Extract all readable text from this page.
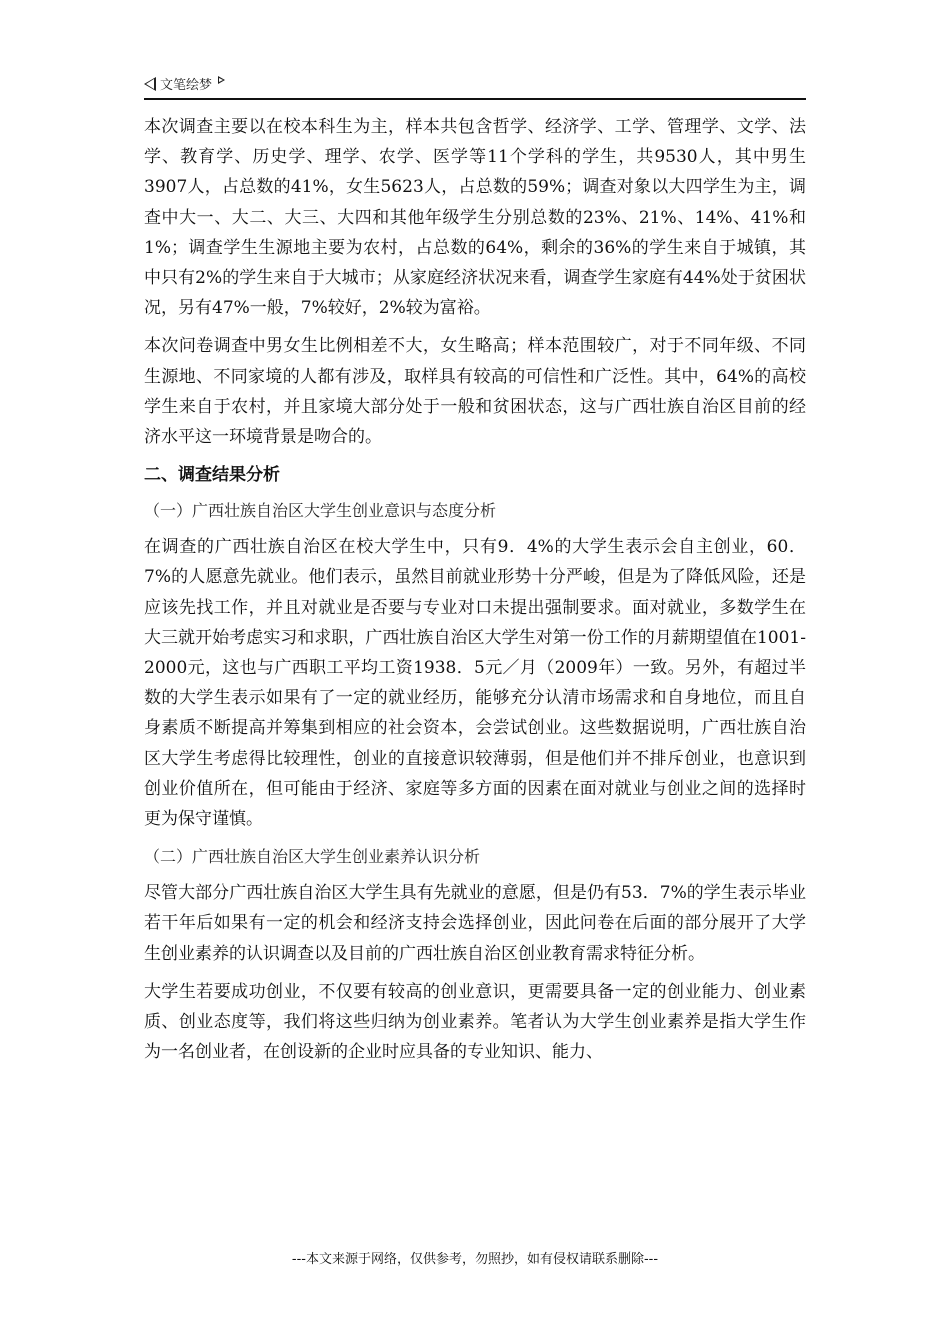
文笔绘梦

本次调查主要以在校本科生为主，样本共包含哲学、经济学、工学、管理学、文学、法学、教育学、历史学、理学、农学、医学等11个学科的学生，共9530人，其中男生3907人，占总数的41%，女生5623人，占总数的59%；调查对象以大四学生为主，调查中大一、大二、大三、大四和其他年级学生分别总数的23%、21%、14%、41%和1%；调查学生生源地主要为农村，占总数的64%，剩余的36%的学生来自于城镇，其中只有2%的学生来自于大城市；从家庭经济状况来看，调查学生家庭有44%处于贫困状况，另有47%一般，7%较好，2%较为富裕。

本次问卷调查中男女生比例相差不大，女生略高；样本范围较广，对于不同年级、不同生源地、不同家境的人都有涉及，取样具有较高的可信性和广泛性。其中，64%的高校学生来自于农村，并且家境大部分处于一般和贫困状态，这与广西壮族自治区目前的经济水平这一环境背景是吻合的。

二、调查结果分析
（一）广西壮族自治区大学生创业意识与态度分析

在调查的广西壮族自治区在校大学生中，只有9．4%的大学生表示会自主创业，60．7%的人愿意先就业。他们表示，虽然目前就业形势十分严峻，但是为了降低风险，还是应该先找工作，并且对就业是否要与专业对口未提出强制要求。面对就业，多数学生在大三就开始考虑实习和求职，广西壮族自治区大学生对第一份工作的月薪期望值在1001-2000元，这也与广西职工平均工资1938．5元／月（2009年）一致。另外，有超过半数的大学生表示如果有了一定的就业经历，能够充分认清市场需求和自身地位，而且自身素质不断提高并筹集到相应的社会资本，会尝试创业。这些数据说明，广西壮族自治区大学生考虑得比较理性，创业的直接意识较薄弱，但是他们并不排斥创业，也意识到创业价值所在，但可能由于经济、家庭等多方面的因素在面对就业与创业之间的选择时更为保守谨慎。

（二）广西壮族自治区大学生创业素养认识分析

尽管大部分广西壮族自治区大学生具有先就业的意愿，但是仍有53．7%的学生表示毕业若干年后如果有一定的机会和经济支持会选择创业，因此问卷在后面的部分展开了大学生创业素养的认识调查以及目前的广西壮族自治区创业教育需求特征分析。

大学生若要成功创业，不仅要有较高的创业意识，更需要具备一定的创业能力、创业素质、创业态度等，我们将这些归纳为创业素养。笔者认为大学生创业素养是指大学生作为一名创业者，在创设新的企业时应具备的专业知识、能力、

---本文来源于网络，仅供参考，勿照抄，如有侵权请联系删除---
